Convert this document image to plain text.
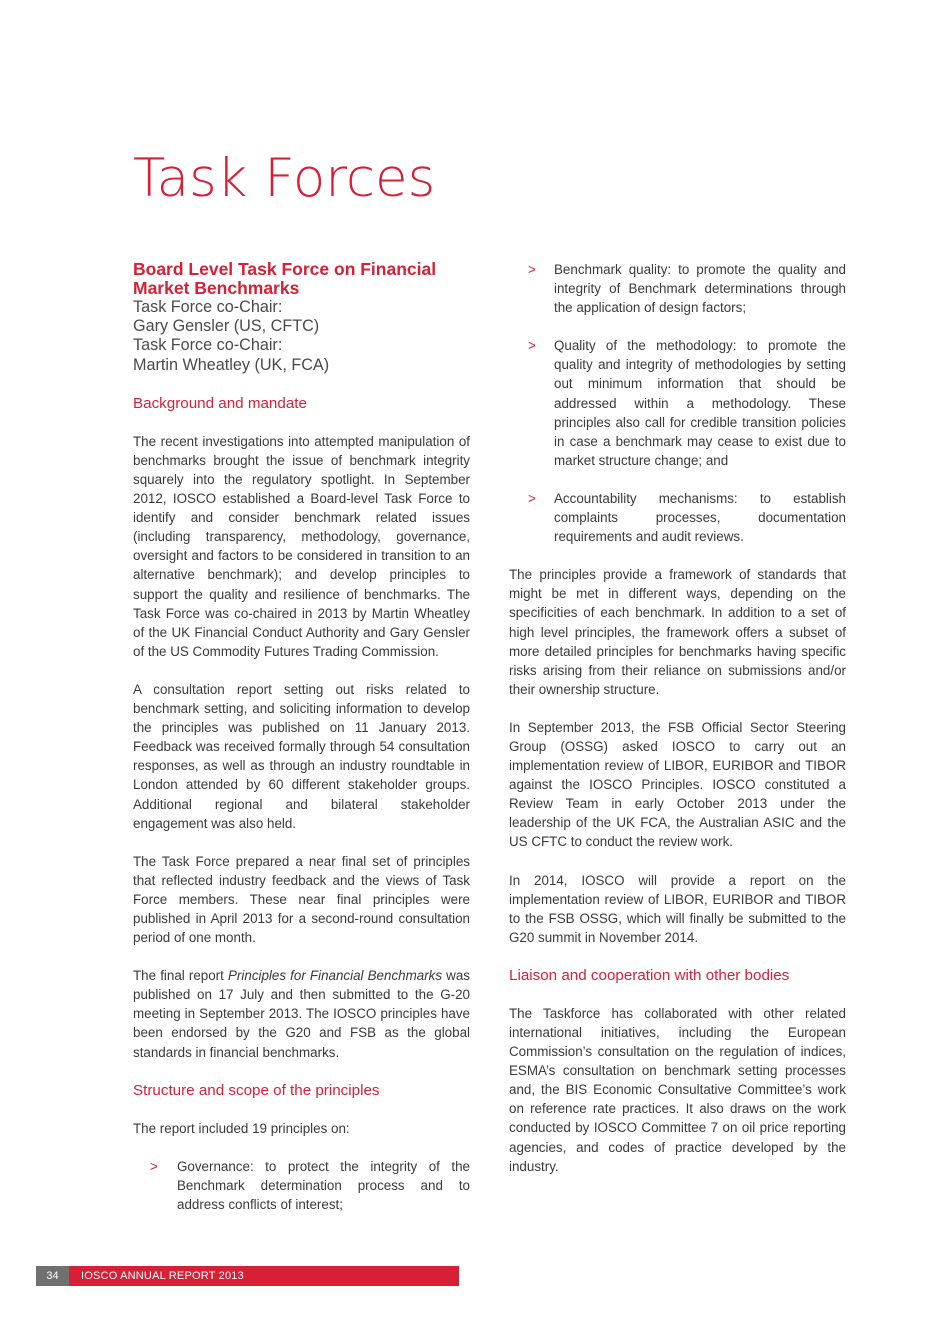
Task Forces
Board Level Task Force on Financial Market Benchmarks
Task Force co-Chair:
Gary Gensler (US, CFTC)
Task Force co-Chair:
Martin Wheatley (UK, FCA)
Background and mandate

The recent investigations into attempted manipulation of benchmarks brought the issue of benchmark integrity squarely into the regulatory spotlight. In September 2012, IOSCO established a Board-level Task Force to identify and consider benchmark related issues (including transparency, methodology, governance, oversight and factors to be considered in transition to an alternative benchmark); and develop principles to support the quality and resilience of benchmarks. The Task Force was co-chaired in 2013 by Martin Wheatley of the UK Financial Conduct Authority and Gary Gensler of the US Commodity Futures Trading Commission.

A consultation report setting out risks related to benchmark setting, and soliciting information to develop the principles was published on 11 January 2013. Feedback was received formally through 54 consultation responses, as well as through an industry roundtable in London attended by 60 different stakeholder groups. Additional regional and bilateral stakeholder engagement was also held.

The Task Force prepared a near final set of principles that reflected industry feedback and the views of Task Force members. These near final principles were published in April 2013 for a second-round consultation period of one month.

The final report Principles for Financial Benchmarks was published on 17 July and then submitted to the G-20 meeting in September 2013. The IOSCO principles have been endorsed by the G20 and FSB as the global standards in financial benchmarks.

Structure and scope of the principles

The report included 19 principles on:

> Governance: to protect the integrity of the Benchmark determination process and to address conflicts of interest;
> Benchmark quality: to promote the quality and integrity of Benchmark determinations through the application of design factors;
> Quality of the methodology: to promote the quality and integrity of methodologies by setting out minimum information that should be addressed within a methodology. These principles also call for credible transition policies in case a benchmark may cease to exist due to market structure change; and
> Accountability mechanisms: to establish complaints processes, documentation requirements and audit reviews.

The principles provide a framework of standards that might be met in different ways, depending on the specificities of each benchmark. In addition to a set of high level principles, the framework offers a subset of more detailed principles for benchmarks having specific risks arising from their reliance on submissions and/or their ownership structure.

In September 2013, the FSB Official Sector Steering Group (OSSG) asked IOSCO to carry out an implementation review of LIBOR, EURIBOR and TIBOR against the IOSCO Principles. IOSCO constituted a Review Team in early October 2013 under the leadership of the UK FCA, the Australian ASIC and the US CFTC to conduct the review work.

In 2014, IOSCO will provide a report on the implementation review of LIBOR, EURIBOR and TIBOR to the FSB OSSG, which will finally be submitted to the G20 summit in November 2014.

Liaison and cooperation with other bodies

The Taskforce has collaborated with other related international initiatives, including the European Commission’s consultation on the regulation of indices, ESMA’s consultation on benchmark setting processes and, the BIS Economic Consultative Committee’s work on reference rate practices. It also draws on the work conducted by IOSCO Committee 7 on oil price reporting agencies, and codes of practice developed by the industry.

34	IOSCO ANNUAL REPORT 2013
